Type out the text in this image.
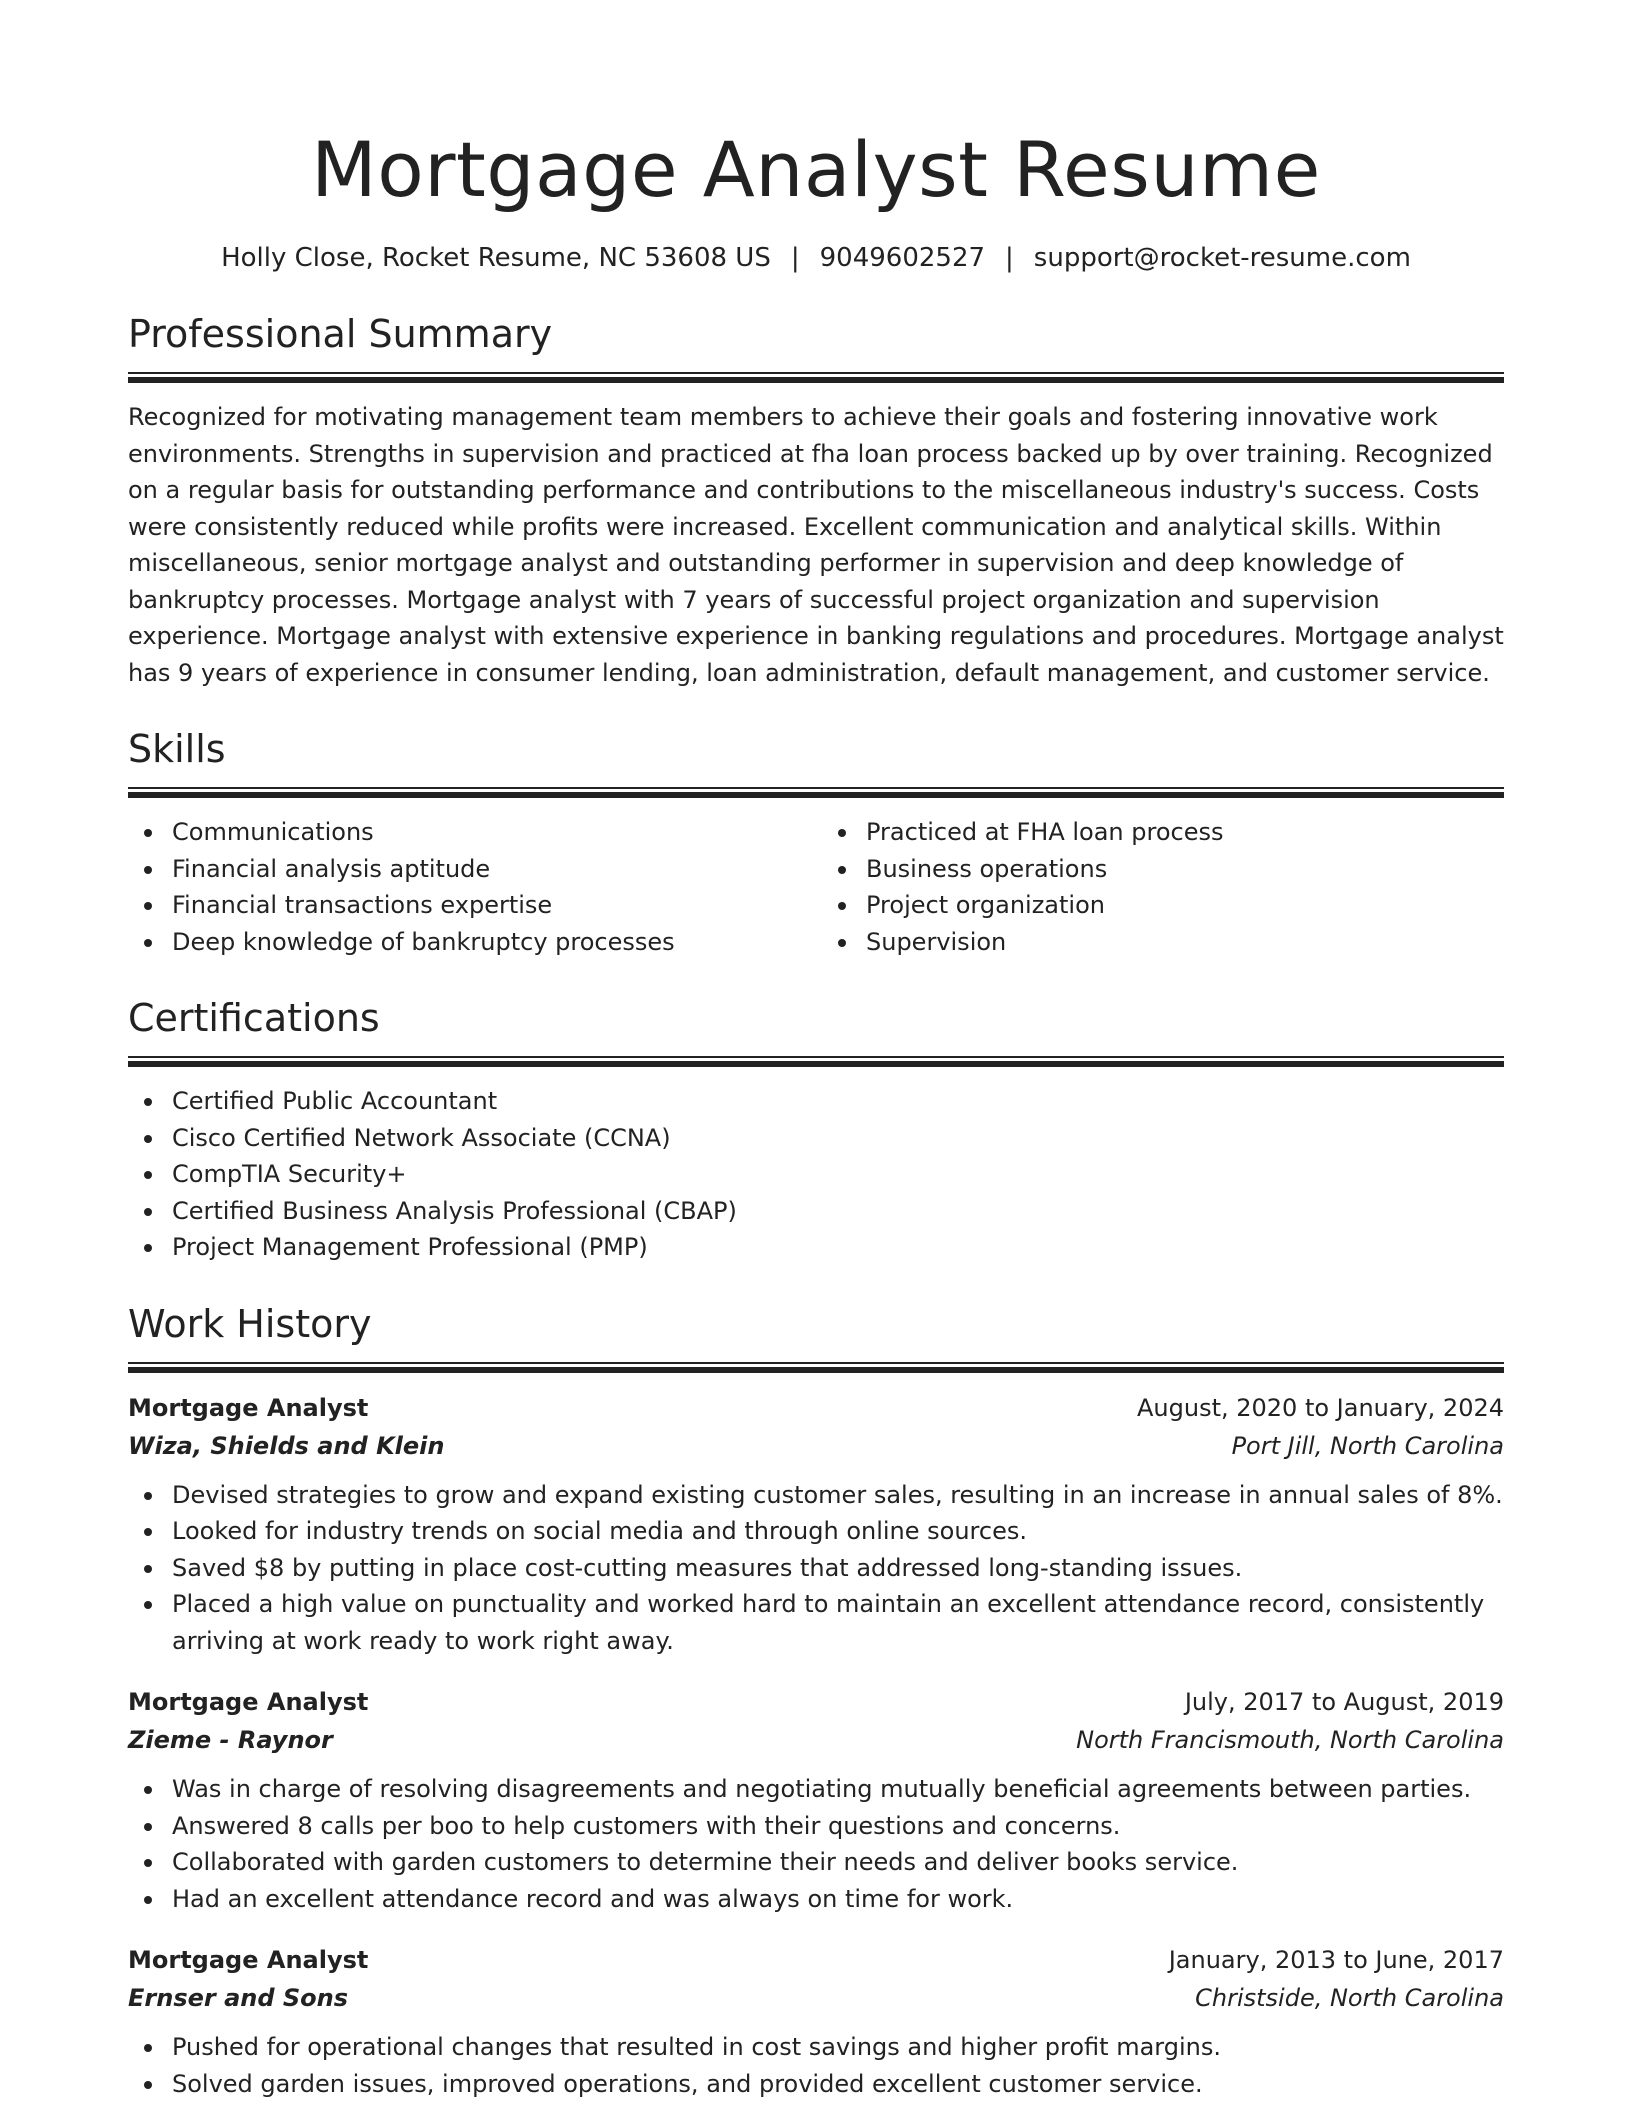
Mortgage Analyst Resume
Holly Close, Rocket Resume, NC 53608 US | 9049602527 | support@rocket-resume.com
Professional Summary

Recognized for motivating management team members to achieve their goals and fostering innovative work environments. Strengths in supervision and practiced at fha loan process backed up by over training. Recognized on a regular basis for outstanding performance and contributions to the miscellaneous industry's success. Costs were consistently reduced while profits were increased. Excellent communication and analytical skills. Within miscellaneous, senior mortgage analyst and outstanding performer in supervision and deep knowledge of bankruptcy processes. Mortgage analyst with 7 years of successful project organization and supervision experience. Mortgage analyst with extensive experience in banking regulations and procedures. Mortgage analyst has 9 years of experience in consumer lending, loan administration, default management, and customer service.

Skills
Communications
Financial analysis aptitude
Financial transactions expertise
Deep knowledge of bankruptcy processes
Practiced at FHA loan process
Business operations
Project organization
Supervision
Certifications
Certified Public Accountant
Cisco Certified Network Associate (CCNA)
CompTIA Security+
Certified Business Analysis Professional (CBAP)
Project Management Professional (PMP)
Work History
Mortgage Analyst	August, 2020 to January, 2024
Wiza, Shields and Klein	Port Jill, North Carolina
Devised strategies to grow and expand existing customer sales, resulting in an increase in annual sales of 8%.
Looked for industry trends on social media and through online sources.
Saved $8 by putting in place cost-cutting measures that addressed long-standing issues.
Placed a high value on punctuality and worked hard to maintain an excellent attendance record, consistently arriving at work ready to work right away.
Mortgage Analyst	July, 2017 to August, 2019
Zieme - Raynor	North Francismouth, North Carolina
Was in charge of resolving disagreements and negotiating mutually beneficial agreements between parties.
Answered 8 calls per boo to help customers with their questions and concerns.
Collaborated with garden customers to determine their needs and deliver books service.
Had an excellent attendance record and was always on time for work.
Mortgage Analyst	January, 2013 to June, 2017
Ernser and Sons	Christside, North Carolina
Pushed for operational changes that resulted in cost savings and higher profit margins.
Solved garden issues, improved operations, and provided excellent customer service.
